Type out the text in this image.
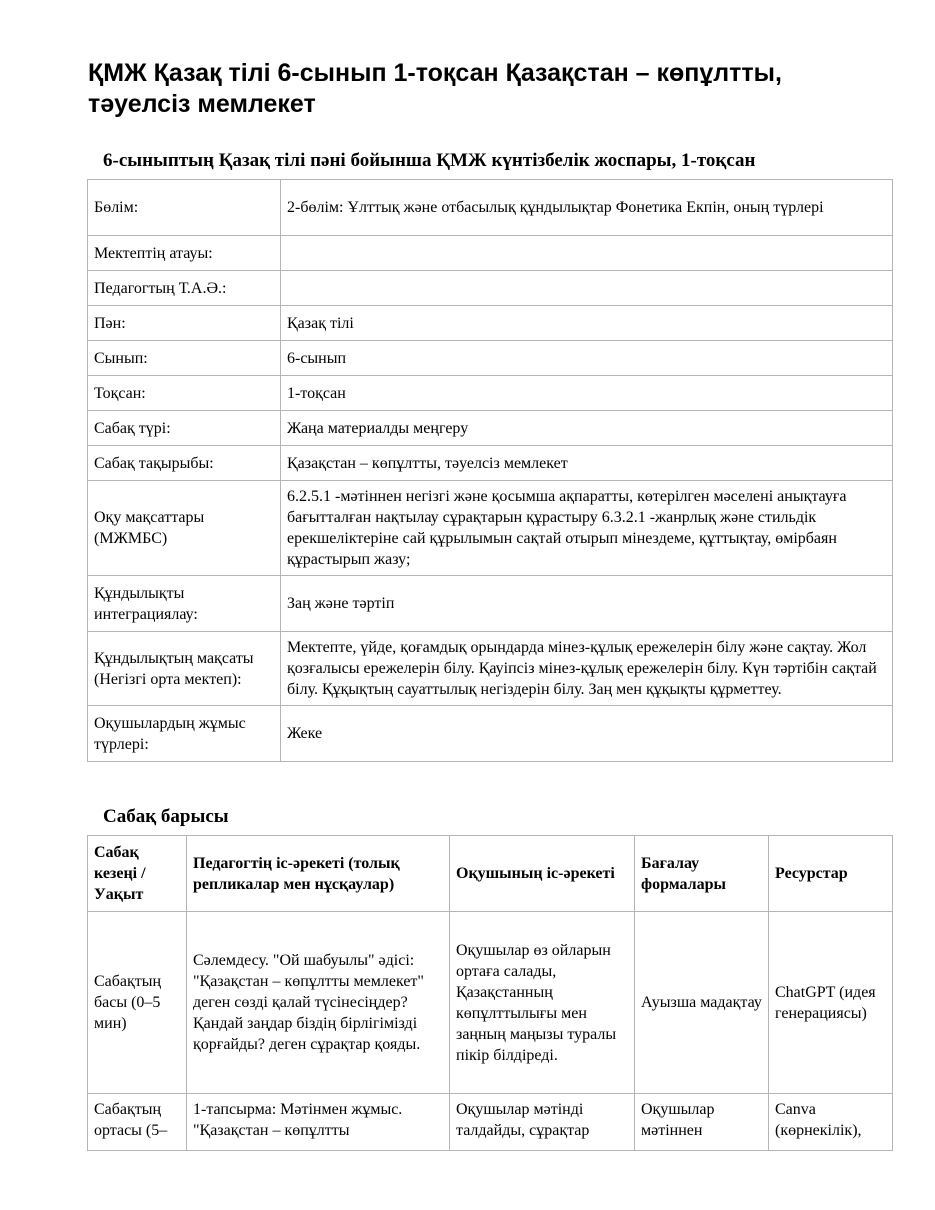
ҚМЖ Қазақ тілі 6-сынып 1-тоқсан Қазақстан – көпұлтты, тәуелсіз мемлекет
6-сыныптың Қазақ тілі пәні бойынша ҚМЖ күнтізбелік жоспары, 1-тоқсан
Бөлім:	2-бөлім: Ұлттық және отбасылық құндылықтар Фонетика Екпін, оның түрлері
Мектептің атауы:	
Педагогтың Т.А.Ә.:	
Пән:	Қазақ тілі
Сынып:	6-сынып
Тоқсан:	1-тоқсан
Сабақ түрі:	Жаңа материалды меңгеру
Сабақ тақырыбы:	Қазақстан – көпұлтты, тәуелсіз мемлекет
Оқу мақсаттары (МЖМБС)	6.2.5.1 -мәтіннен негізгі және қосымша ақпаратты, көтерілген мәселені анықтауға бағытталған нақтылау сұрақтарын құрастыру 6.3.2.1 -жанрлық және стильдік ерекшеліктеріне сай құрылымын сақтай отырып мінездеме, құттықтау, өмірбаян құрастырып жазу;
Құндылықты интеграциялау:	Заң және тәртіп
Құндылықтың мақсаты (Негізгі орта мектеп):	Мектепте, үйде, қоғамдық орындарда мінез-құлық ережелерін білу және сақтау. Жол қозғалысы ережелерін білу. Қауіпсіз мінез-құлық ережелерін білу. Күн тәртібін сақтай білу. Құқықтың сауаттылық негіздерін білу. Заң мен құқықты құрметтеу.
Оқушылардың жұмыс түрлері:	Жеке
Сабақ барысы
Сабақ кезеңі / Уақыт	Педагогтің іс-әрекеті (толық репликалар мен нұсқаулар)	Оқушының іс-әрекеті	Бағалау формалары	Ресурстар
Сабақтың басы (0–5 мин)	Сәлемдесу. "Ой шабуылы" әдісі: "Қазақстан – көпұлтты мемлекет" деген сөзді қалай түсінесіңдер? Қандай заңдар біздің бірлігімізді қорғайды? деген сұрақтар қояды.	Оқушылар өз ойларын ортаға салады, Қазақстанның көпұлттылығы мен заңның маңызы туралы пікір білдіреді.	Ауызша мадақтау	ChatGPT (идея генерациясы)

Сабақтың ортасы (5–	1-тапсырма: Мәтінмен жұмыс. "Қазақстан – көпұлтты	Оқушылар мәтінді талдайды, сұрақтар	Оқушылар мәтіннен	Canva (көрнекілік),
